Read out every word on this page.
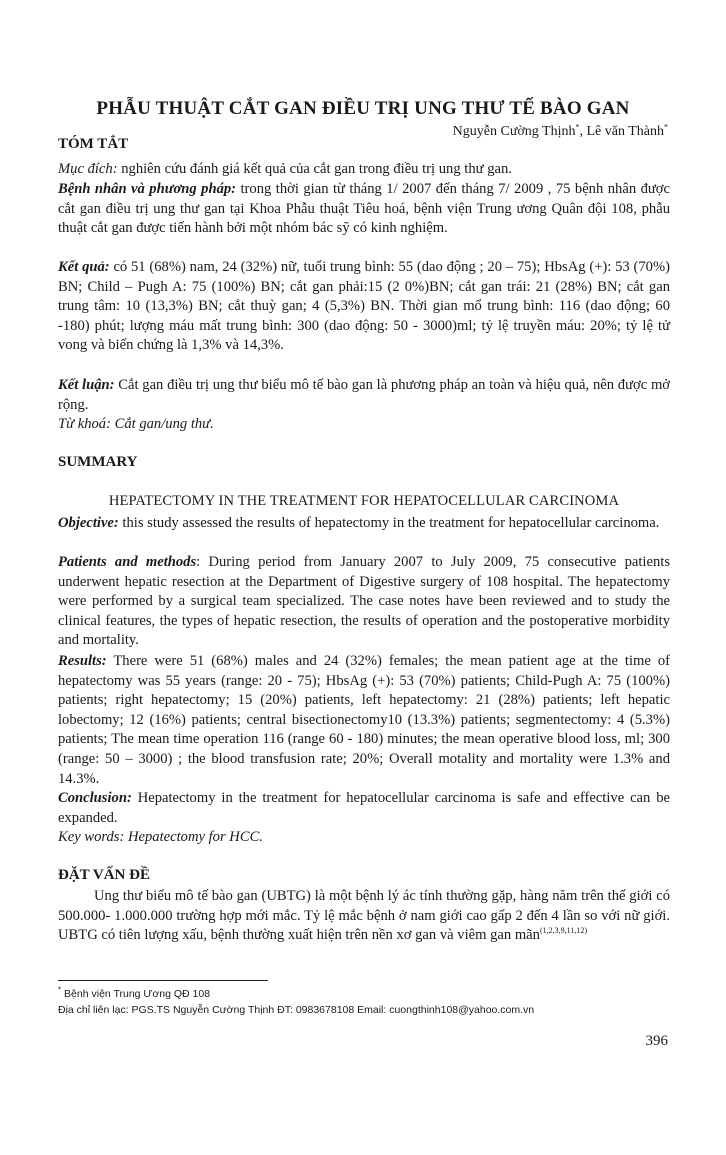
PHẪU THUẬT CẮT GAN ĐIỀU TRỊ UNG THƯ TẾ BÀO GAN
Nguyễn Cường Thịnh*, Lê văn Thành*
TÓM TẮT

Mục đích: nghiên cứu đánh giá kết quả của cắt gan trong điều trị ung thư gan.

Bệnh nhân và phương pháp: trong thời gian từ tháng 1/ 2007 đến tháng 7/ 2009 , 75 bệnh nhân được cắt gan điều trị ung thư gan tại Khoa Phẫu thuật Tiêu hoá, bệnh viện Trung ương Quân đội 108, phẫu thuật cắt gan được tiến hành bởi một nhóm bác sỹ có kinh nghiệm.

Kết quả: có 51 (68%) nam, 24 (32%) nữ, tuổi trung bình: 55 (dao động ; 20 – 75); HbsAg (+): 53 (70%) BN; Child – Pugh A: 75 (100%) BN; cắt gan phải:15 (2 0%)BN; cắt gan trái: 21 (28%) BN; cắt gan trung tâm: 10 (13,3%) BN; cắt thuỳ gan; 4 (5,3%) BN. Thời gian mổ trung bình: 116 (dao động; 60 -180) phút; lượng máu mất trung bình: 300 (dao động: 50 - 3000)ml; tỷ lệ truyền máu: 20%; tỷ lệ tử vong và biến chứng là 1,3% và 14,3%.

Kết luận: Cắt gan điều trị ung thư biểu mô tế bào gan là phương pháp an toàn và hiệu quả, nên được mở rộng.

Từ khoá: Cắt gan/ung thư.

SUMMARY
HEPATECTOMY IN THE TREATMENT FOR HEPATOCELLULAR CARCINOMA

Objective: this study assessed the results of hepatectomy in the treatment for hepatocellular carcinoma.

Patients and methods: During period from January 2007 to July 2009, 75 consecutive patients underwent hepatic resection at the Department of Digestive surgery of 108 hospital. The hepatectomy were performed by a surgical team specialized. The case notes have been reviewed and to study the clinical features, the types of hepatic resection, the results of operation and the postoperative morbidity and mortality.

Results: There were 51 (68%) males and 24 (32%) females; the mean patient age at the time of hepatectomy was 55 years (range: 20 - 75); HbsAg (+): 53 (70%) patients; Child-Pugh A: 75 (100%) patients; right hepatectomy; 15 (20%) patients, left hepatectomy: 21 (28%) patients; left hepatic lobectomy; 12 (16%) patients; central bisectionectomy10 (13.3%) patients; segmentectomy: 4 (5.3%) patients; The mean time operation 116 (range 60 - 180) minutes; the mean operative blood loss, ml; 300 (range: 50 – 3000) ; the blood transfusion rate; 20%; Overall motality and mortality were 1.3% and 14.3%.

Conclusion: Hepatectomy in the treatment for hepatocellular carcinoma is safe and effective can be expanded.

Key words: Hepatectomy for HCC.

ĐẶT VẤN ĐỀ

Ung thư biểu mô tế bào gan (UBTG) là một bệnh lý ác tính thường gặp, hàng năm trên thế giới có 500.000- 1.000.000 trường hợp mới mắc. Tỷ lệ mắc bệnh ở nam giới cao gấp 2 đến 4 lần so với nữ giới. UBTG có tiên lượng xấu, bệnh thường xuất hiện trên nền xơ gan và viêm gan mãn$^{(1,2,3,9,11,12)}$

* Bệnh viện Trung Ương QĐ 108
Địa chỉ liên lạc: PGS.TS Nguyễn Cường Thịnh ĐT: 0983678108 Email: cuongthinh108@yahoo.com.vn
396
